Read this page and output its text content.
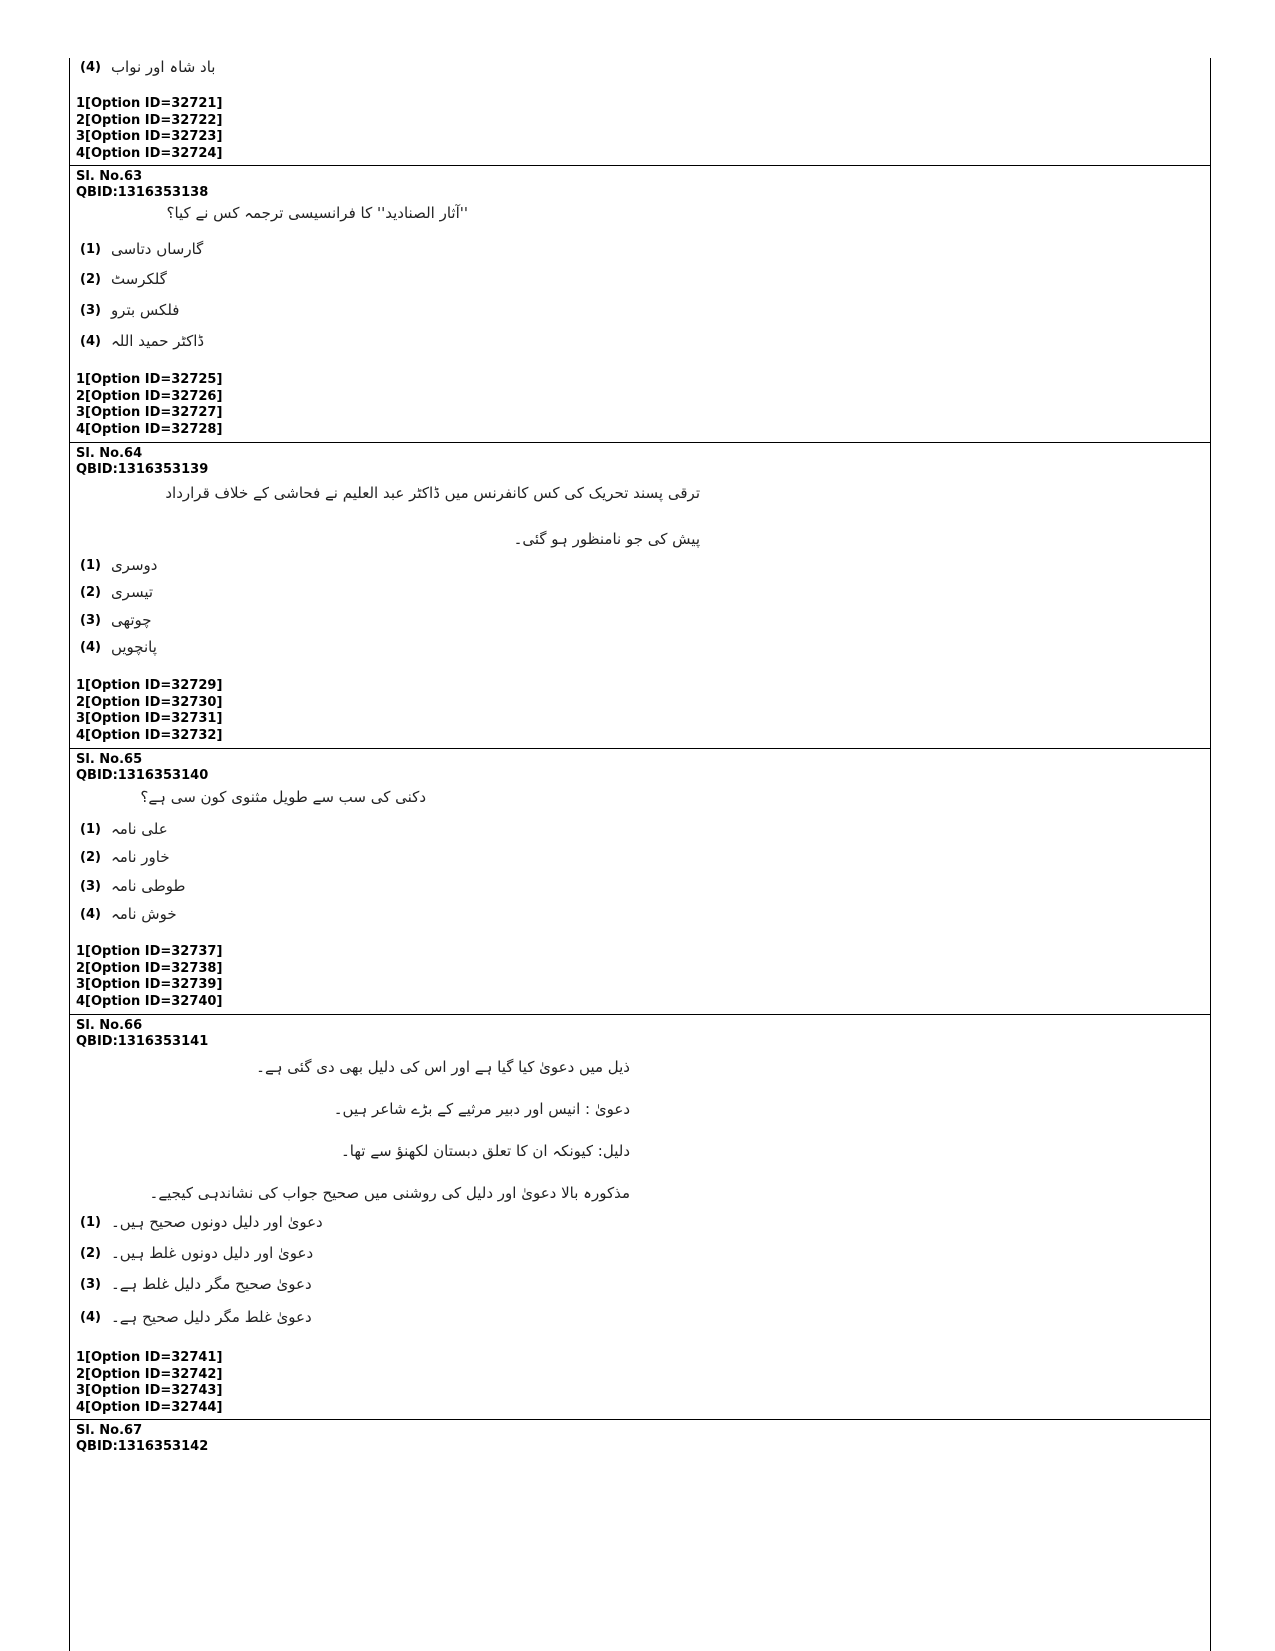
(4) باد شاہ اور نواب
1[Option ID=32721]
2[Option ID=32722]
3[Option ID=32723]
4[Option ID=32724]
Sl. No.63
QBID:1316353138
''آثار الصنادید'' کا فرانسیسی ترجمہ کس نے کیا؟
(1) گارساں دتاسی
(2) گلکرسٹ
(3) فلکس بترو
(4) ڈاکٹر حمید اللہ
1[Option ID=32725]
2[Option ID=32726]
3[Option ID=32727]
4[Option ID=32728]
Sl. No.64
QBID:1316353139
ترقی پسند تحریک کی کس کانفرنس میں ڈاکٹر عبد العلیم نے فحاشی کے خلاف قرارداد
پیش کی جو نامنظور ہو گئی۔
(1) دوسری
(2) تیسری
(3) چوتھی
(4) پانچویں
1[Option ID=32729]
2[Option ID=32730]
3[Option ID=32731]
4[Option ID=32732]
Sl. No.65
QBID:1316353140
دکنی کی سب سے طویل مثنوی کون سی ہے؟
(1) علی نامہ
(2) خاور نامہ
(3) طوطی نامہ
(4) خوش نامہ
1[Option ID=32737]
2[Option ID=32738]
3[Option ID=32739]
4[Option ID=32740]
Sl. No.66
QBID:1316353141
ذیل میں دعویٰ کیا گیا ہے اور اس کی دلیل بھی دی گئی ہے۔
دعویٰ : انیس اور دبیر مرثیے کے بڑے شاعر ہیں۔
دلیل: کیونکہ ان کا تعلق دبستان لکھنؤ سے تھا۔
مذکورہ بالا دعویٰ اور دلیل کی روشنی میں صحیح جواب کی نشاندہی کیجیے۔
(1) دعویٰ اور دلیل دونوں صحیح ہیں۔
(2) دعویٰ اور دلیل دونوں غلط ہیں۔
(3) دعویٰ صحیح مگر دلیل غلط ہے۔
(4) دعویٰ غلط مگر دلیل صحیح ہے۔
1[Option ID=32741]
2[Option ID=32742]
3[Option ID=32743]
4[Option ID=32744]
Sl. No.67
QBID:1316353142
